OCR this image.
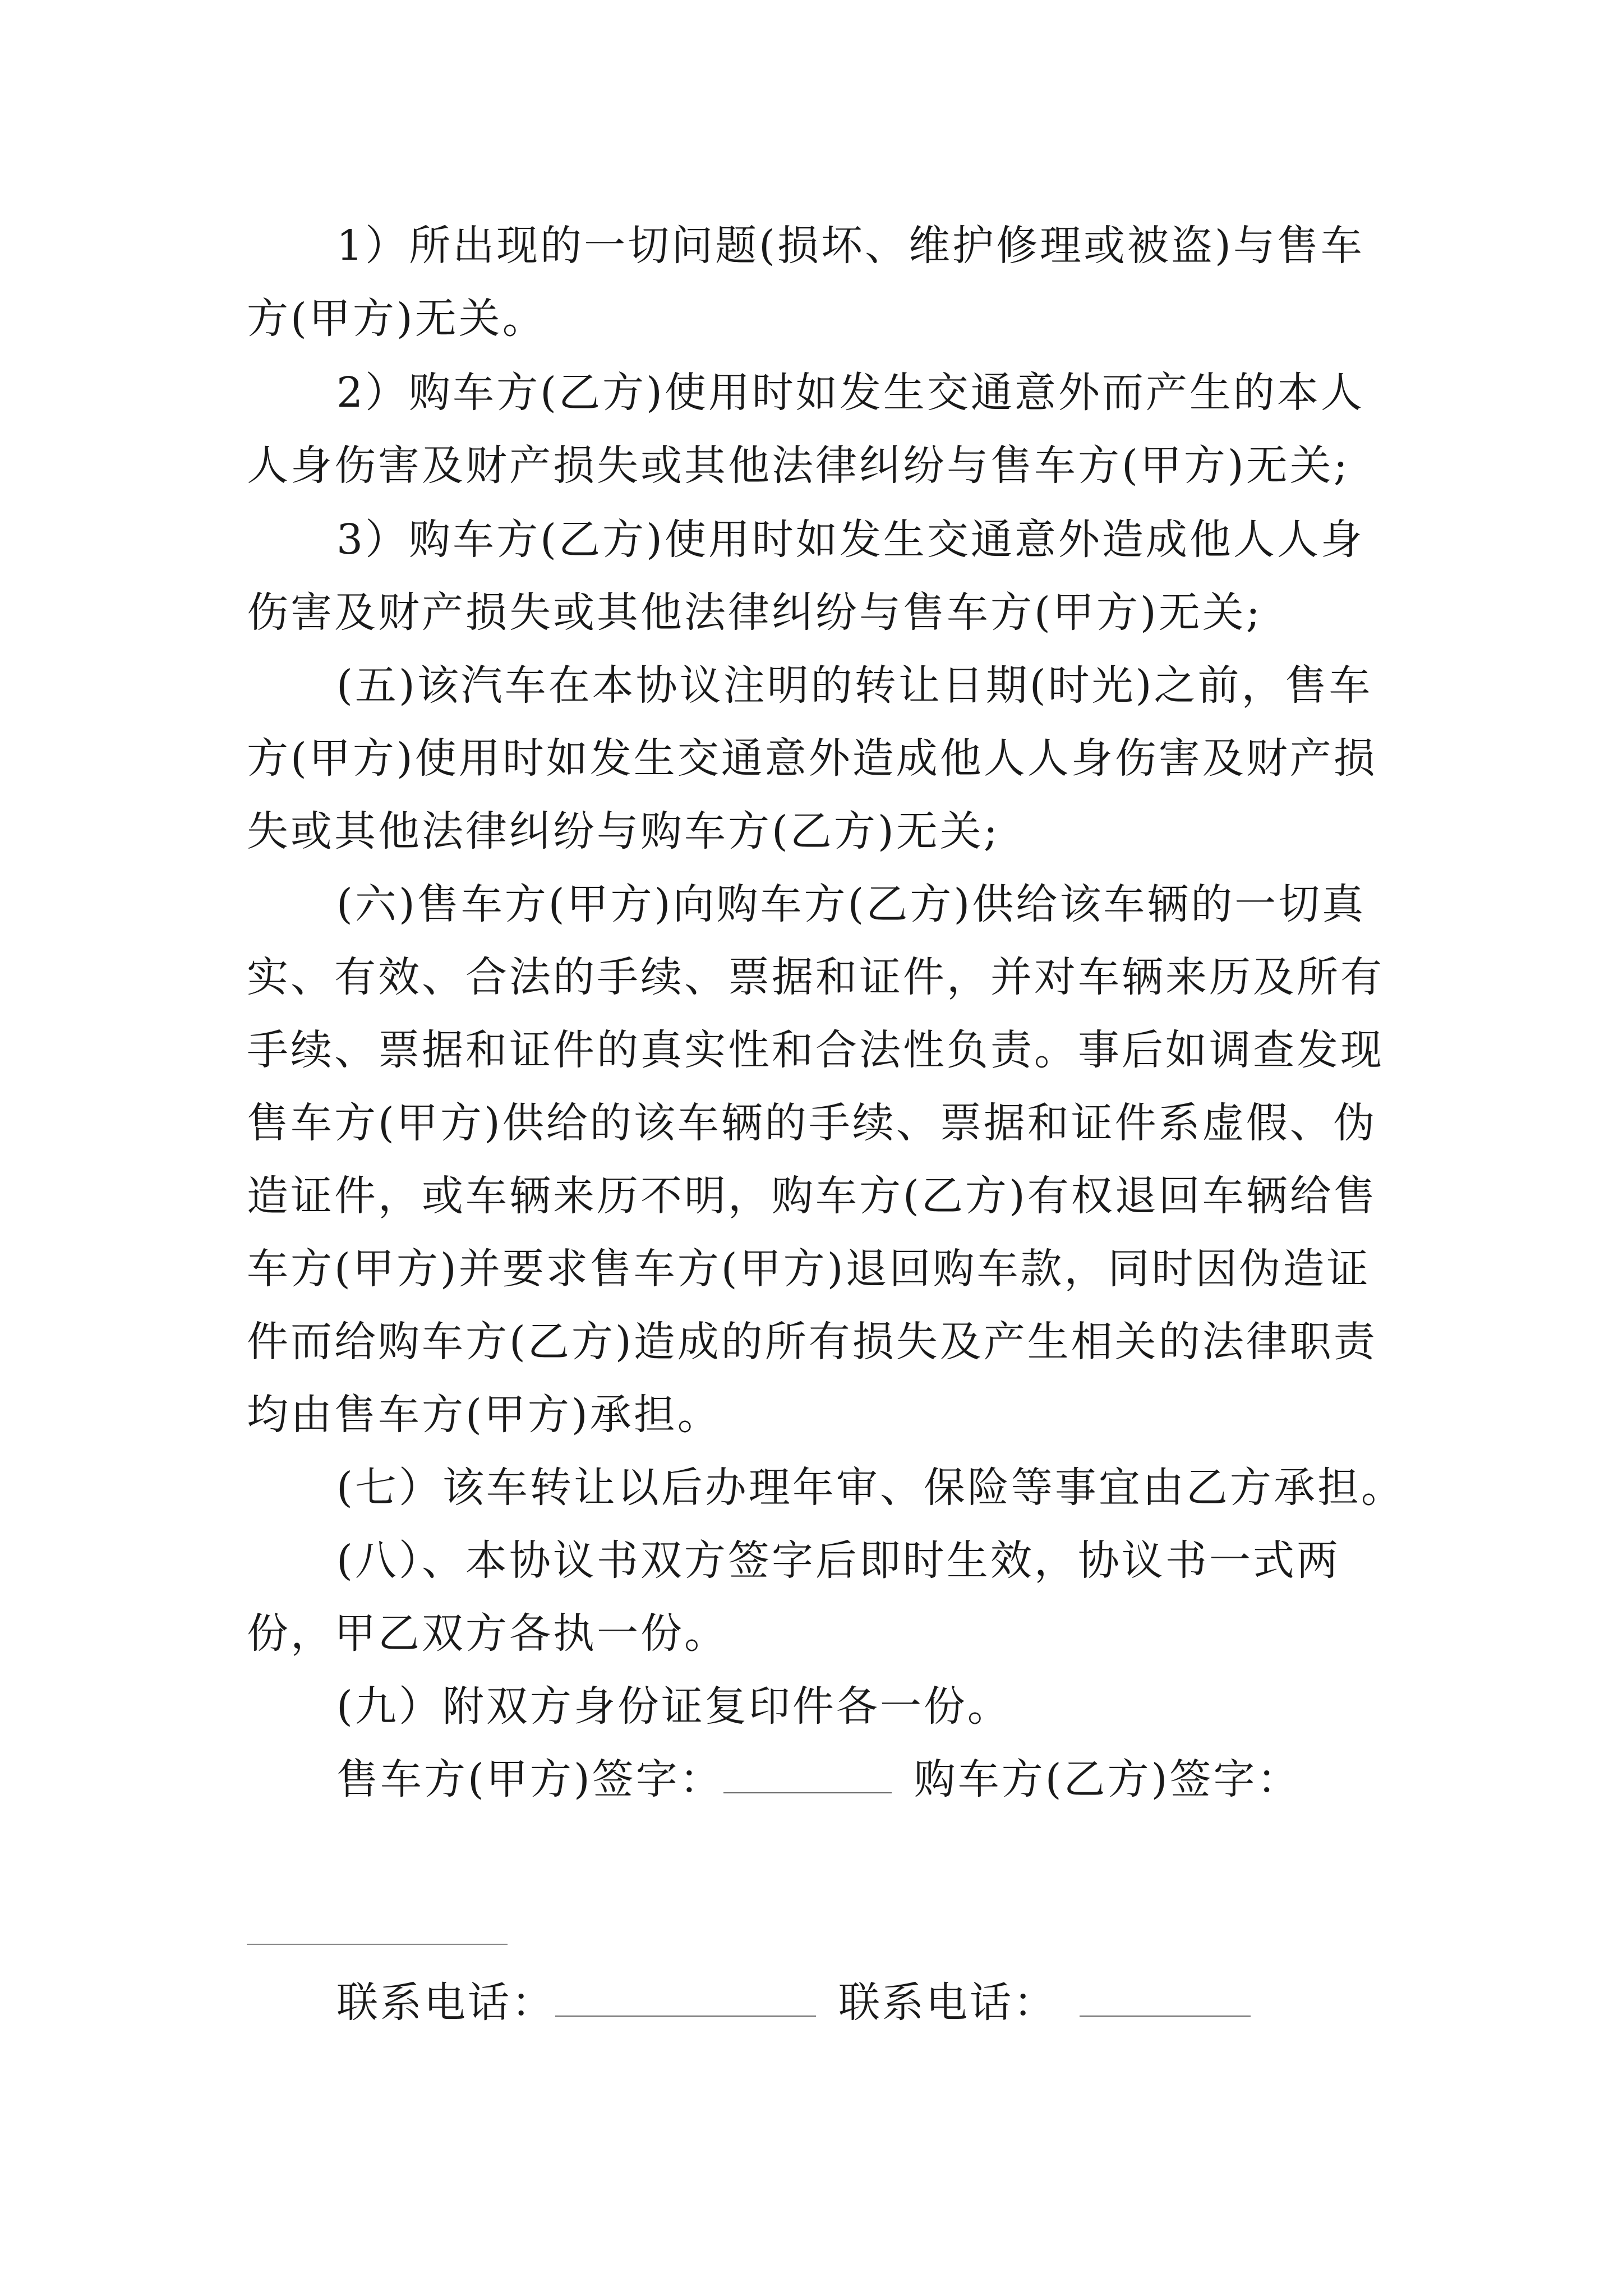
1）所出现的一切问题(损坏、维护修理或被盗)与售车
方(甲方)无关。
2）购车方(乙方)使用时如发生交通意外而产生的本人
人身伤害及财产损失或其他法律纠纷与售车方(甲方)无关;
3）购车方(乙方)使用时如发生交通意外造成他人人身
伤害及财产损失或其他法律纠纷与售车方(甲方)无关;
(五)该汽车在本协议注明的转让日期(时光)之前，售车
方(甲方)使用时如发生交通意外造成他人人身伤害及财产损
失或其他法律纠纷与购车方(乙方)无关;
(六)售车方(甲方)向购车方(乙方)供给该车辆的一切真
实、有效、合法的手续、票据和证件，并对车辆来历及所有
手续、票据和证件的真实性和合法性负责。事后如调查发现
售车方(甲方)供给的该车辆的手续、票据和证件系虚假、伪
造证件，或车辆来历不明，购车方(乙方)有权退回车辆给售
车方(甲方)并要求售车方(甲方)退回购车款，同时因伪造证
件而给购车方(乙方)造成的所有损失及产生相关的法律职责
均由售车方(甲方)承担。
(七）该车转让以后办理年审、保险等事宜由乙方承担。
(八）、本协议书双方签字后即时生效，协议书一式两
份，甲乙双方各执一份。
(九）附双方身份证复印件各一份。
售车方(甲方)签字：	购车方(乙方)签字：
联系电话：	联系电话：
